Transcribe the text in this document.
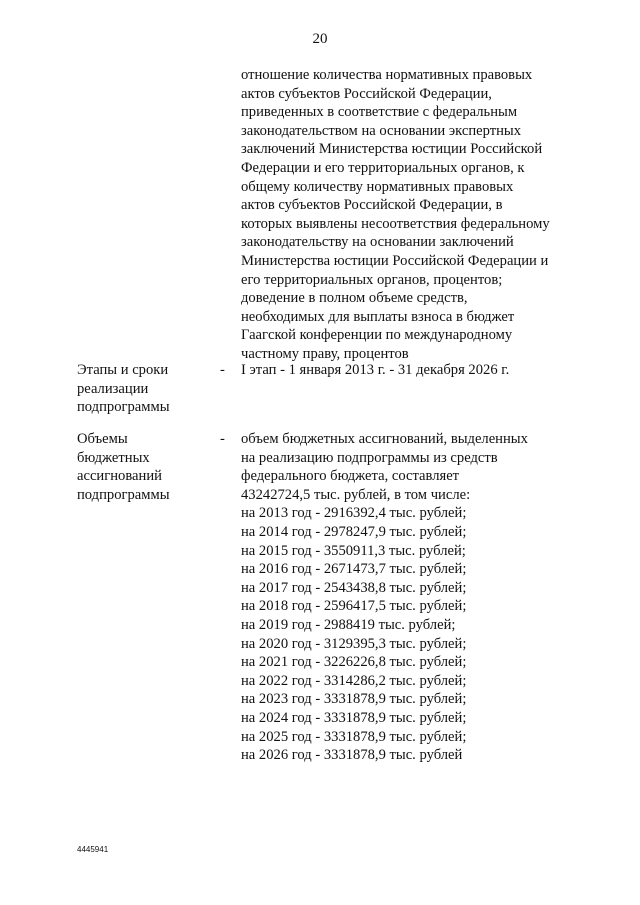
20
отношение количества нормативных правовых
актов субъектов Российской Федерации,
приведенных в соответствие с федеральным
законодательством на основании экспертных
заключений Министерства юстиции Российской
Федерации и его территориальных органов, к
общему количеству нормативных правовых
актов субъектов Российской Федерации, в
которых выявлены несоответствия федеральному
законодательству на основании заключений
Министерства юстиции Российской Федерации и
его территориальных органов, процентов;
доведение в полном объеме средств,
необходимых для выплаты взноса в бюджет
Гаагской конференции по международному
частному праву, процентов
Этапы и сроки
реализации
подпрограммы
- I этап - 1 января 2013 г. - 31 декабря 2026 г.
Объемы
бюджетных
ассигнований
подпрограммы
- объем бюджетных ассигнований, выделенных
на реализацию подпрограммы из средств
федерального бюджета, составляет
43242724,5 тыс. рублей, в том числе:
на 2013 год - 2916392,4 тыс. рублей;
на 2014 год - 2978247,9 тыс. рублей;
на 2015 год - 3550911,3 тыс. рублей;
на 2016 год - 2671473,7 тыс. рублей;
на 2017 год - 2543438,8 тыс. рублей;
на 2018 год - 2596417,5 тыс. рублей;
на 2019 год - 2988419 тыс. рублей;
на 2020 год - 3129395,3 тыс. рублей;
на 2021 год - 3226226,8 тыс. рублей;
на 2022 год - 3314286,2 тыс. рублей;
на 2023 год - 3331878,9 тыс. рублей;
на 2024 год - 3331878,9 тыс. рублей;
на 2025 год - 3331878,9 тыс. рублей;
на 2026 год - 3331878,9 тыс. рублей
4445941
